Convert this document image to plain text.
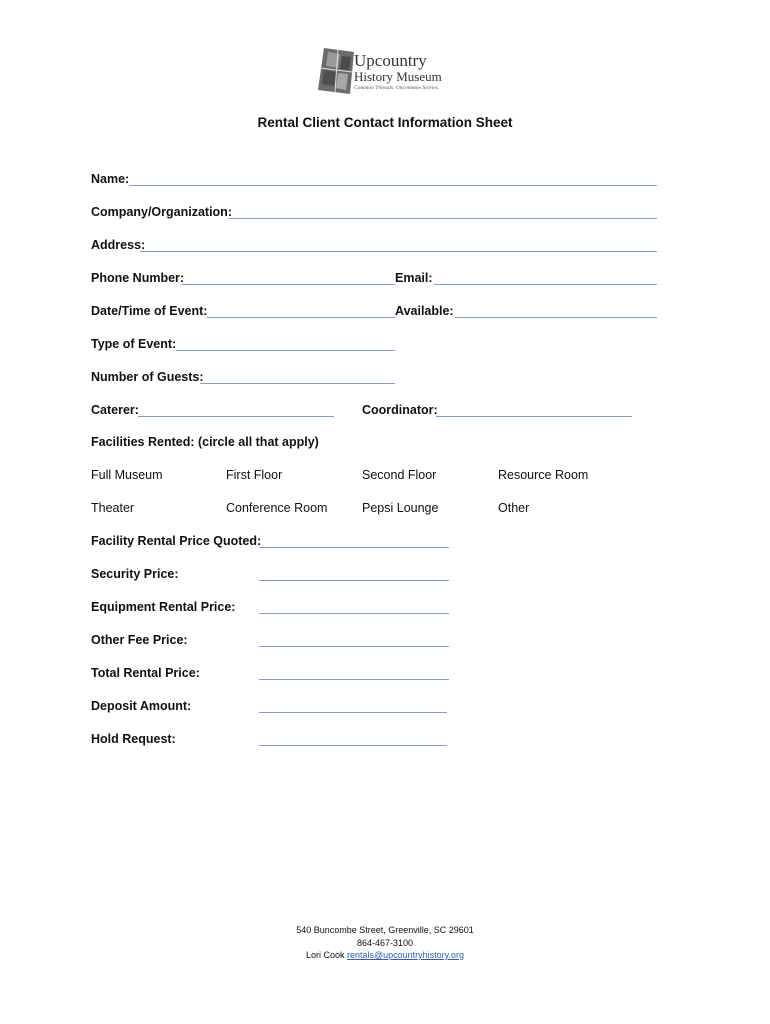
Upcountry
History Museum
Common Threads. Uncommon Stories.
Rental Client Contact Information Sheet
Name:
Company/Organization:
Address:
Phone Number:	Email:
Date/Time of Event:	Available:
Type of Event:
Number of Guests:
Caterer:	Coordinator:
Facilities Rented: (circle all that apply)
Full Museum	First Floor	Second Floor	Resource Room
Theater	Conference Room	Pepsi Lounge	Other
Facility Rental Price Quoted:
Security Price:
Equipment Rental Price:
Other Fee Price:
Total Rental Price:
Deposit Amount:
Hold Request:
540 Buncombe Street, Greenville, SC 29601
864-467-3100
Lori Cook rentals@upcountryhistory.org
